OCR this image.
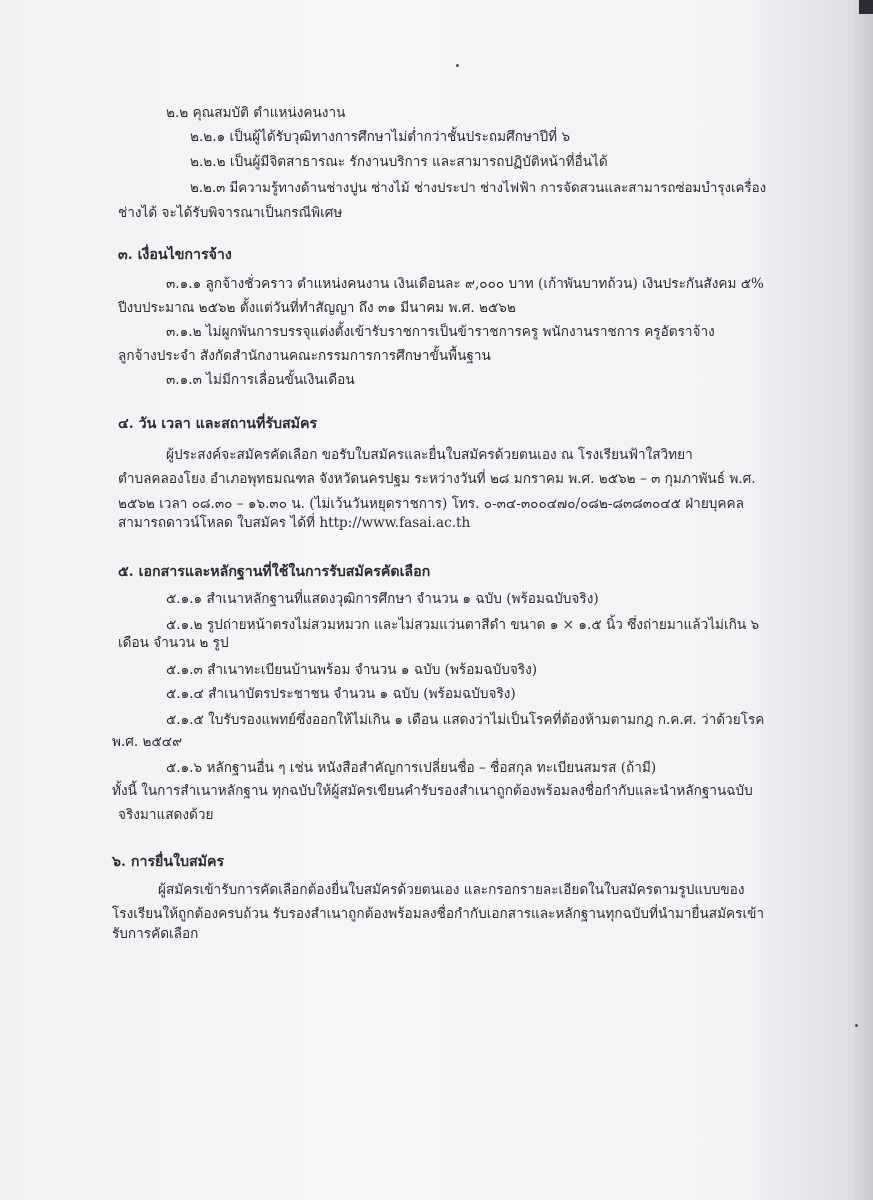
๒.๒ คุณสมบัติ ตำแหน่งคนงาน
๒.๒.๑ เป็นผู้ได้รับวุฒิทางการศึกษาไม่ต่ำกว่าชั้นประถมศึกษาปีที่ ๖
๒.๒.๒ เป็นผู้มีจิตสาธารณะ รักงานบริการ และสามารถปฏิบัติหน้าที่อื่นได้
๒.๒.๓ มีความรู้ทางด้านช่างปูน ช่างไม้ ช่างประปา ช่างไฟฟ้า การจัดสวนและสามารถซ่อมบำรุงเครื่อง
ช่างได้ จะได้รับพิจารณาเป็นกรณีพิเศษ
๓. เงื่อนไขการจ้าง
๓.๑.๑ ลูกจ้างชั่วคราว ตำแหน่งคนงาน เงินเดือนละ ๙,๐๐๐ บาท (เก้าพันบาทถ้วน) เงินประกันสังคม ๕%
ปีงบประมาณ ๒๕๖๒ ตั้งแต่วันที่ทำสัญญา ถึง ๓๑ มีนาคม พ.ศ. ๒๕๖๒
๓.๑.๒ ไม่ผูกพันการบรรจุแต่งตั้งเข้ารับราชการเป็นข้าราชการครู พนักงานราชการ ครูอัตราจ้าง
ลูกจ้างประจำ สังกัดสำนักงานคณะกรรมการการศึกษาขั้นพื้นฐาน
๓.๑.๓ ไม่มีการเลื่อนขั้นเงินเดือน
๔. วัน เวลา และสถานที่รับสมัคร
ผู้ประสงค์จะสมัครคัดเลือก ขอรับใบสมัครและยื่นใบสมัครด้วยตนเอง ณ โรงเรียนฟ้าใสวิทยา
ตำบลคลองโยง อำเภอพุทธมณฑล จังหวัดนครปฐม ระหว่างวันที่ ๒๘ มกราคม พ.ศ. ๒๕๖๒ – ๓ กุมภาพันธ์ พ.ศ.
๒๕๖๒ เวลา ๐๘.๓๐ – ๑๖.๓๐ น. (ไม่เว้นวันหยุดราชการ) โทร. ๐-๓๔-๓๐๐๔๗๐/๐๘๒-๘๓๘๓๐๔๕ ฝ่ายบุคคล
สามารถดาวน์โหลด ใบสมัคร ได้ที่ http://www.fasai.ac.th
๕. เอกสารและหลักฐานที่ใช้ในการรับสมัครคัดเลือก
๕.๑.๑ สำเนาหลักฐานที่แสดงวุฒิการศึกษา จำนวน ๑ ฉบับ (พร้อมฉบับจริง)
๕.๑.๒ รูปถ่ายหน้าตรงไม่สวมหมวก และไม่สวมแว่นตาสีดำ ขนาด ๑ × ๑.๕ นิ้ว ซึ่งถ่ายมาแล้วไม่เกิน ๖
เดือน จำนวน ๒ รูป
๕.๑.๓ สำเนาทะเบียนบ้านพร้อม จำนวน ๑ ฉบับ (พร้อมฉบับจริง)
๕.๑.๔ สำเนาบัตรประชาชน จำนวน ๑ ฉบับ (พร้อมฉบับจริง)
๕.๑.๕ ใบรับรองแพทย์ซึ่งออกให้ไม่เกิน ๑ เดือน แสดงว่าไม่เป็นโรคที่ต้องห้ามตามกฎ ก.ค.ศ. ว่าด้วยโรค
พ.ศ. ๒๕๔๙
๕.๑.๖ หลักฐานอื่น ๆ เช่น หนังสือสำคัญการเปลี่ยนชื่อ – ชื่อสกุล ทะเบียนสมรส (ถ้ามี)
ทั้งนี้ ในการสำเนาหลักฐาน ทุกฉบับให้ผู้สมัครเขียนคำรับรองสำเนาถูกต้องพร้อมลงชื่อกำกับและนำหลักฐานฉบับ
จริงมาแสดงด้วย
๖. การยื่นใบสมัคร
ผู้สมัครเข้ารับการคัดเลือกต้องยื่นใบสมัครด้วยตนเอง และกรอกรายละเอียดในใบสมัครตามรูปแบบของ
โรงเรียนให้ถูกต้องครบถ้วน รับรองสำเนาถูกต้องพร้อมลงชื่อกำกับเอกสารและหลักฐานทุกฉบับที่นำมายื่นสมัครเข้า
รับการคัดเลือก
